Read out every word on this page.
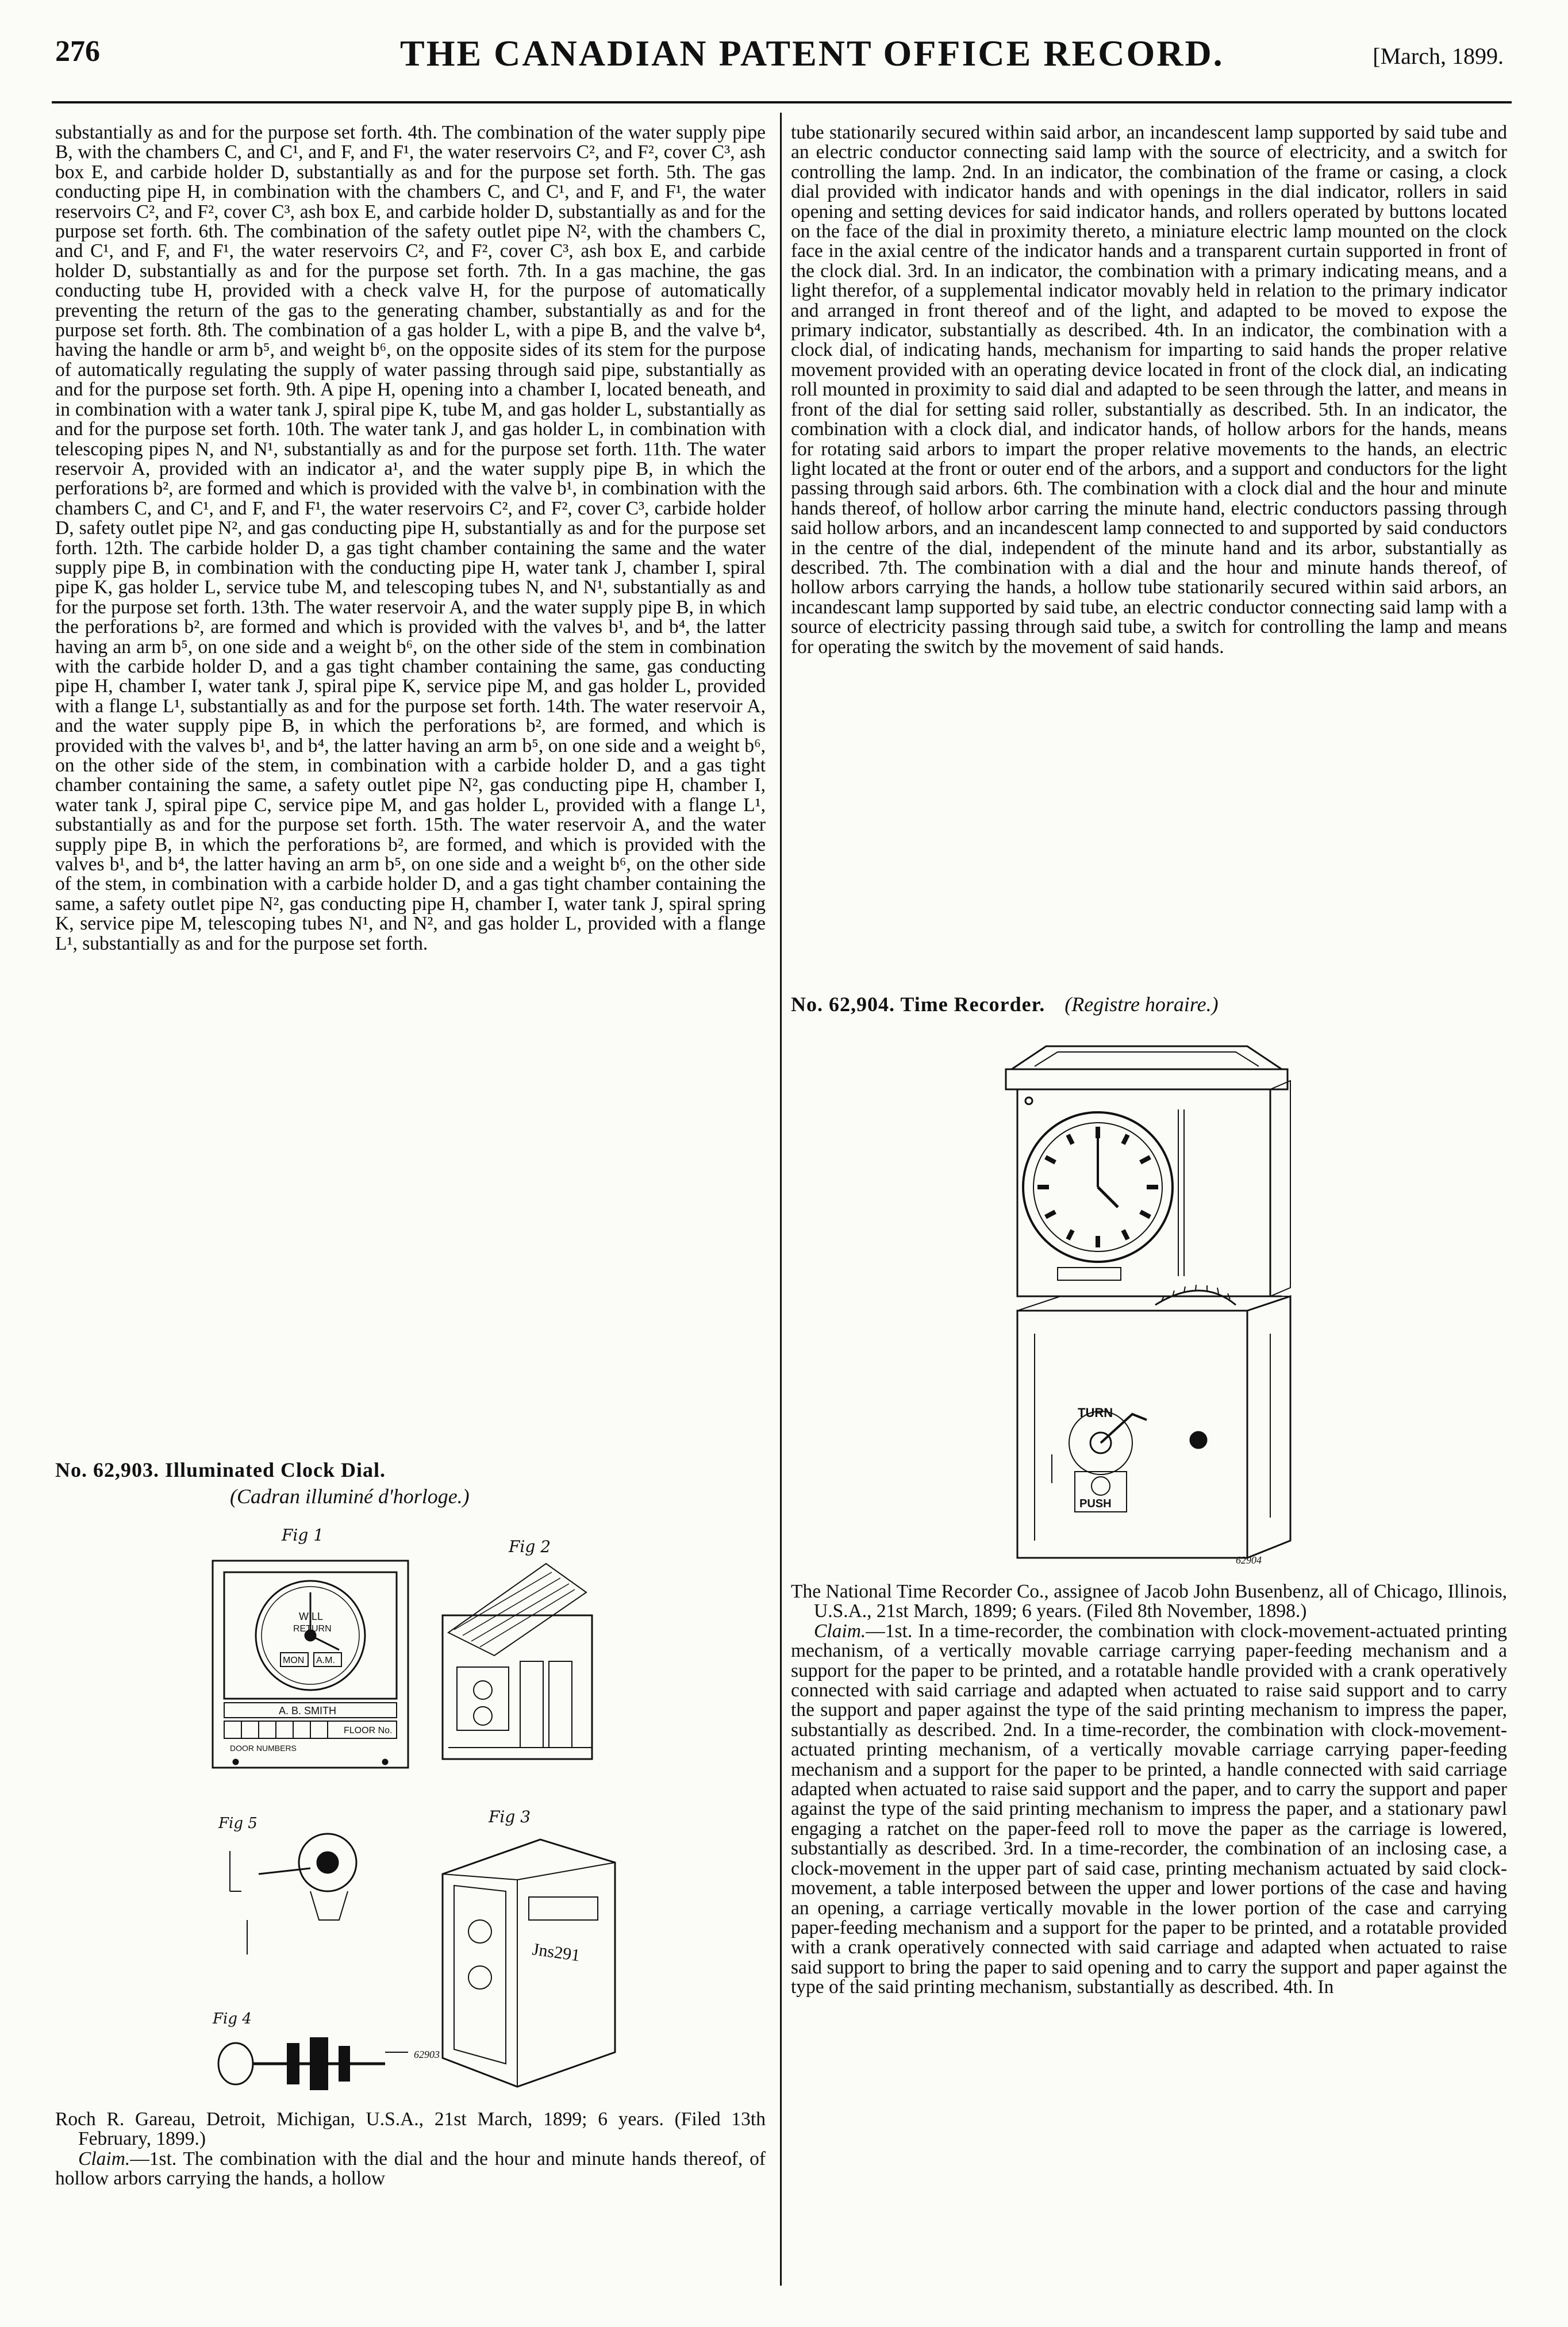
276	THE CANADIAN PATENT OFFICE RECORD.	[March, 1899.

substantially as and for the purpose set forth. 4th. The combination of the water supply pipe B, with the chambers C, and C¹, and F, and F¹, the water reservoirs C², and F², cover C³, ash box E, and carbide holder D, substantially as and for the purpose set forth. 5th. The gas conducting pipe H, in combination with the chambers C, and C¹, and F, and F¹, the water reservoirs C², and F², cover C³, ash box E, and carbide holder D, substantially as and for the purpose set forth. 6th. The combination of the safety outlet pipe N², with the chambers C, and C¹, and F, and F¹, the water reservoirs C², and F², cover C³, ash box E, and carbide holder D, substantially as and for the purpose set forth. 7th. In a gas machine, the gas conducting tube H, provided with a check valve H, for the purpose of automatically preventing the return of the gas to the generating chamber, substantially as and for the purpose set forth. 8th. The combination of a gas holder L, with a pipe B, and the valve b⁴, having the handle or arm b⁵, and weight b⁶, on the opposite sides of its stem for the purpose of automatically regulating the supply of water passing through said pipe, substantially as and for the purpose set forth. 9th. A pipe H, opening into a chamber I, located beneath, and in combination with a water tank J, spiral pipe K, tube M, and gas holder L, substantially as and for the purpose set forth. 10th. The water tank J, and gas holder L, in combination with telescoping pipes N, and N¹, substantially as and for the purpose set forth. 11th. The water reservoir A, provided with an indicator a¹, and the water supply pipe B, in which the perforations b², are formed and which is provided with the valve b¹, in combination with the chambers C, and C¹, and F, and F¹, the water reservoirs C², and F², cover C³, carbide holder D, safety outlet pipe N², and gas conducting pipe H, substantially as and for the purpose set forth. 12th. The carbide holder D, a gas tight chamber containing the same and the water supply pipe B, in combination with the conducting pipe H, water tank J, chamber I, spiral pipe K, gas holder L, service tube M, and telescoping tubes N, and N¹, substantially as and for the purpose set forth. 13th. The water reservoir A, and the water supply pipe B, in which the perforations b², are formed and which is provided with the valves b¹, and b⁴, the latter having an arm b⁵, on one side and a weight b⁶, on the other side of the stem in combination with the carbide holder D, and a gas tight chamber containing the same, gas conducting pipe H, chamber I, water tank J, spiral pipe K, service pipe M, and gas holder L, provided with a flange L¹, substantially as and for the purpose set forth. 14th. The water reservoir A, and the water supply pipe B, in which the perforations b², are formed, and which is provided with the valves b¹, and b⁴, the latter having an arm b⁵, on one side and a weight b⁶, on the other side of the stem, in combination with a carbide holder D, and a gas tight chamber containing the same, a safety outlet pipe N², gas conducting pipe H, chamber I, water tank J, spiral pipe C, service pipe M, and gas holder L, provided with a flange L¹, substantially as and for the purpose set forth. 15th. The water reservoir A, and the water supply pipe B, in which the perforations b², are formed, and which is provided with the valves b¹, and b⁴, the latter having an arm b⁵, on one side and a weight b⁶, on the other side of the stem, in combination with a carbide holder D, and a gas tight chamber containing the same, a safety outlet pipe N², gas conducting pipe H, chamber I, water tank J, spiral spring K, service pipe M, telescoping tubes N¹, and N², and gas holder L, provided with a flange L¹, substantially as and for the purpose set forth.

No. 62,903. Illuminated Clock Dial.
(Cadran illuminé d'horloge.)
Fig 1
WILL
RETURN
MON A.M.
A. B. SMITH
FLOOR No.
DOOR NUMBERS
Fig 2
Fig 5	Fig 3
Jns291
Fig 4
62903

Roch R. Gareau, Detroit, Michigan, U.S.A., 21st March, 1899; 6 years. (Filed 13th February, 1899.)

Claim.—1st. The combination with the dial and the hour and minute hands thereof, of hollow arbors carrying the hands, a hollow

tube stationarily secured within said arbor, an incandescent lamp supported by said tube and an electric conductor connecting said lamp with the source of electricity, and a switch for controlling the lamp. 2nd. In an indicator, the combination of the frame or casing, a clock dial provided with indicator hands and with openings in the dial indicator, rollers in said opening and setting devices for said indicator hands, and rollers operated by buttons located on the face of the dial in proximity thereto, a miniature electric lamp mounted on the clock face in the axial centre of the indicator hands and a transparent curtain supported in front of the clock dial. 3rd. In an indicator, the combination with a primary indicating means, and a light therefor, of a supplemental indicator movably held in relation to the primary indicator and arranged in front thereof and of the light, and adapted to be moved to expose the primary indicator, substantially as described. 4th. In an indicator, the combination with a clock dial, of indicating hands, mechanism for imparting to said hands the proper relative movement provided with an operating device located in front of the clock dial, an indicating roll mounted in proximity to said dial and adapted to be seen through the latter, and means in front of the dial for setting said roller, substantially as described. 5th. In an indicator, the combination with a clock dial, and indicator hands, of hollow arbors for the hands, means for rotating said arbors to impart the proper relative movements to the hands, an electric light located at the front or outer end of the arbors, and a support and conductors for the light passing through said arbors. 6th. The combination with a clock dial and the hour and minute hands thereof, of hollow arbor carring the minute hand, electric conductors passing through said hollow arbors, and an incandescent lamp connected to and supported by said conductors in the centre of the dial, independent of the minute hand and its arbor, substantially as described. 7th. The combination with a dial and the hour and minute hands thereof, of hollow arbors carrying the hands, a hollow tube stationarily secured within said arbors, an incandescant lamp supported by said tube, an electric conductor connecting said lamp with a source of electricity passing through said tube, a switch for controlling the lamp and means for operating the switch by the movement of said hands.

No. 62,904. Time Recorder. (Registre horaire.)
TURN
PUSH
62904

The National Time Recorder Co., assignee of Jacob John Busenbenz, all of Chicago, Illinois, U.S.A., 21st March, 1899; 6 years. (Filed 8th November, 1898.)

Claim.—1st. In a time-recorder, the combination with clock-movement-actuated printing mechanism, of a vertically movable carriage carrying paper-feeding mechanism and a support for the paper to be printed, and a rotatable handle provided with a crank operatively connected with said carriage and adapted when actuated to raise said support and to carry the support and paper against the type of the said printing mechanism to impress the paper, substantially as described. 2nd. In a time-recorder, the combination with clock-movement-actuated printing mechanism, of a vertically movable carriage carrying paper-feeding mechanism and a support for the paper to be printed, a handle connected with said carriage adapted when actuated to raise said support and the paper, and to carry the support and paper against the type of the said printing mechanism to impress the paper, and a stationary pawl engaging a ratchet on the paper-feed roll to move the paper as the carriage is lowered, substantially as described. 3rd. In a time-recorder, the combination of an inclosing case, a clock-movement in the upper part of said case, printing mechanism actuated by said clock-movement, a table interposed between the upper and lower portions of the case and having an opening, a carriage vertically movable in the lower portion of the case and carrying paper-feeding mechanism and a support for the paper to be printed, and a rotatable provided with a crank operatively connected with said carriage and adapted when actuated to raise said support to bring the paper to said opening and to carry the support and paper against the type of the said printing mechanism, substantially as described. 4th. In
